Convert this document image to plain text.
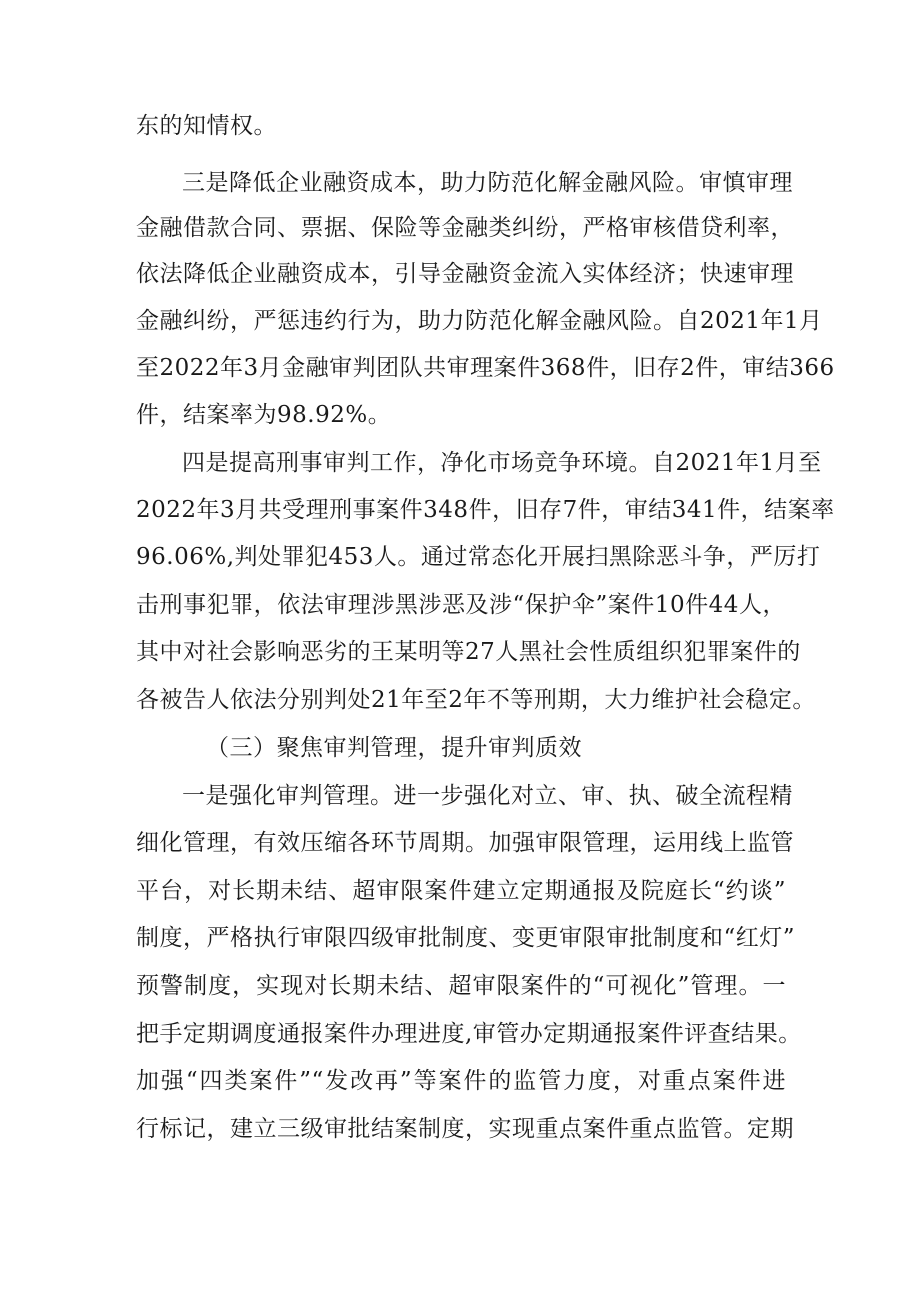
东的知情权。
三是降低企业融资成本，助力防范化解金融风险。审慎审理
金融借款合同、票据、保险等金融类纠纷，严格审核借贷利率，
依法降低企业融资成本，引导金融资金流入实体经济；快速审理
金融纠纷，严惩违约行为，助力防范化解金融风险。自2021年1月
至2022年3月金融审判团队共审理案件368件，旧存2件，审结366
件，结案率为98.92%。
四是提高刑事审判工作，净化市场竞争环境。自2021年1月至
2022年3月共受理刑事案件348件，旧存7件，审结341件，结案率
96.06%,判处罪犯453人。通过常态化开展扫黑除恶斗争，严厉打
击刑事犯罪，依法审理涉黑涉恶及涉“保护伞”案件10件44人，
其中对社会影响恶劣的王某明等27人黑社会性质组织犯罪案件的
各被告人依法分别判处21年至2年不等刑期，大力维护社会稳定。
（三）聚焦审判管理，提升审判质效
一是强化审判管理。进一步强化对立、审、执、破全流程精
细化管理，有效压缩各环节周期。加强审限管理，运用线上监管
平台，对长期未结、超审限案件建立定期通报及院庭长“约谈”
制度，严格执行审限四级审批制度、变更审限审批制度和“红灯”
预警制度，实现对长期未结、超审限案件的“可视化”管理。一
把手定期调度通报案件办理进度,审管办定期通报案件评查结果。
加强“四类案件”“发改再”等案件的监管力度，对重点案件进
行标记，建立三级审批结案制度，实现重点案件重点监管。定期
